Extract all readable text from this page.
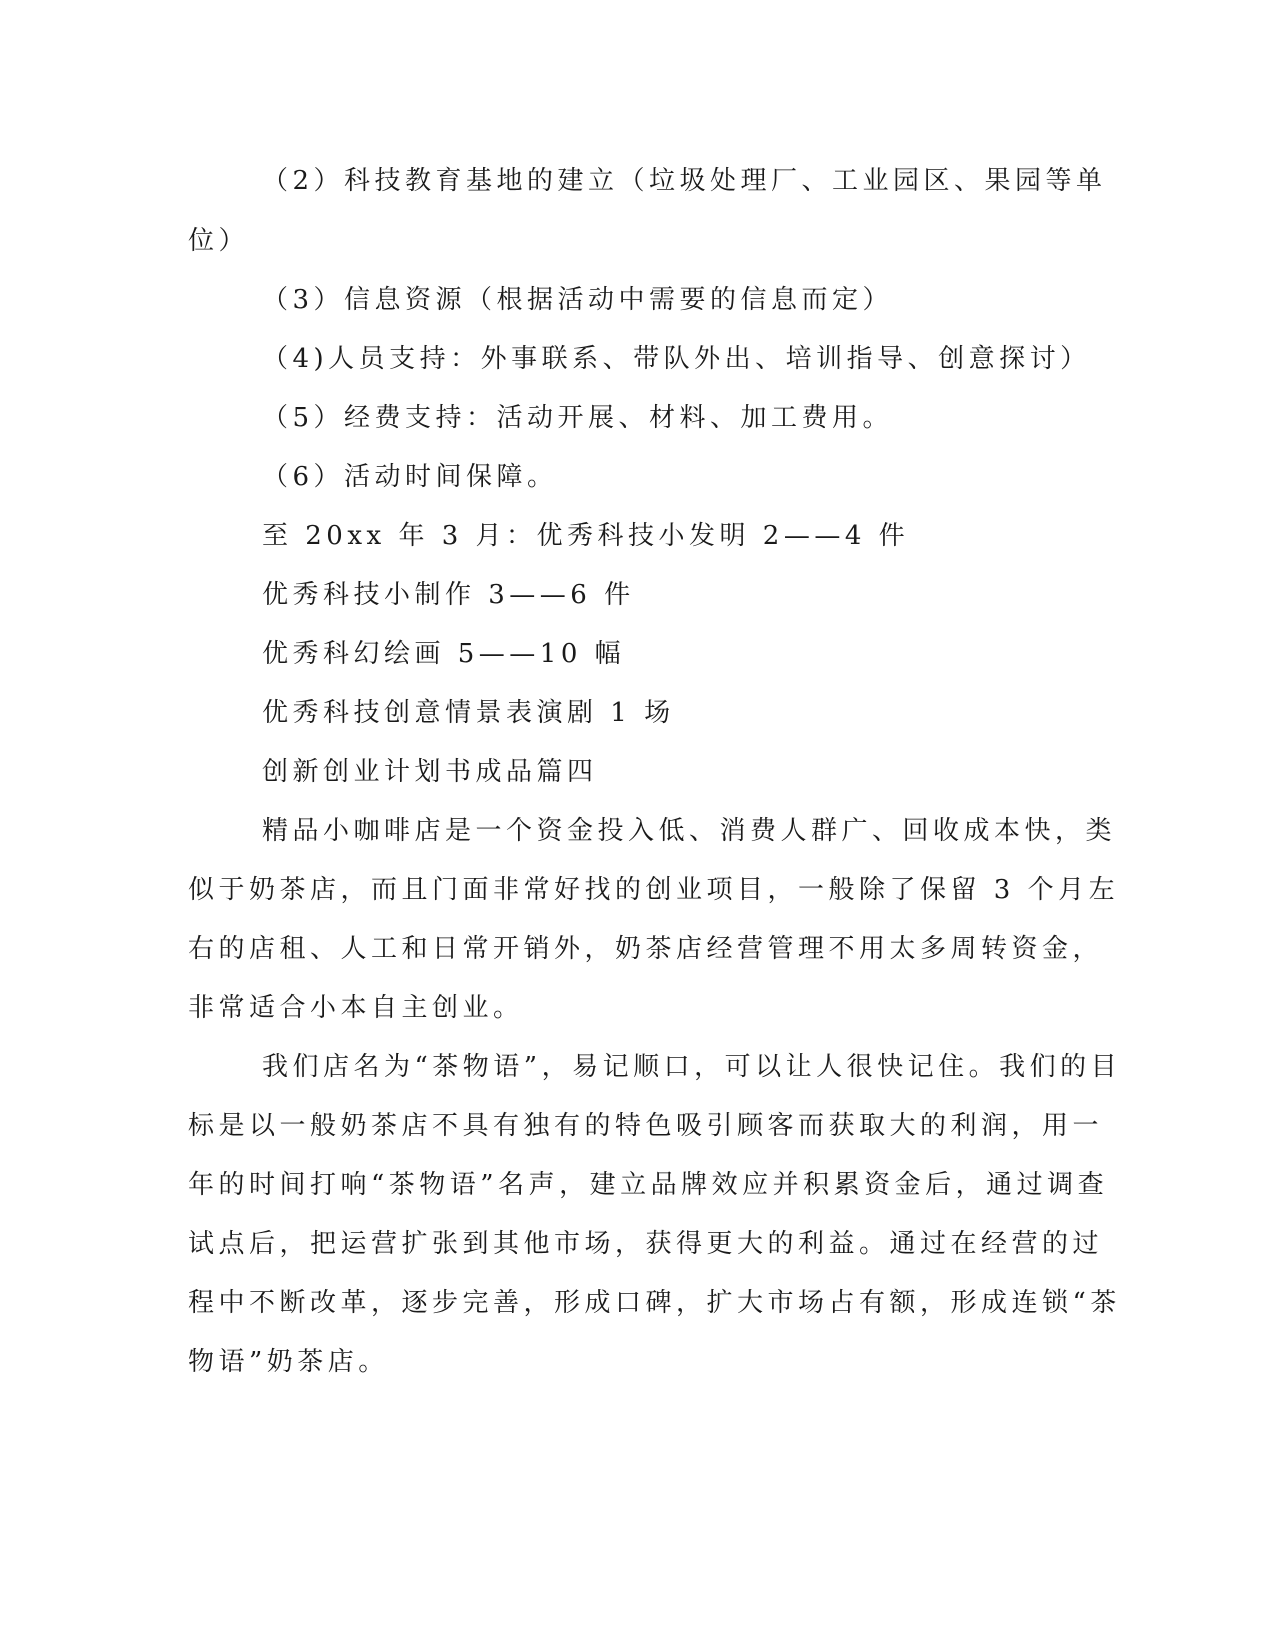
（2）科技教育基地的建立（垃圾处理厂、工业园区、果园等单
位）
（3）信息资源（根据活动中需要的信息而定）
（4)人员支持：外事联系、带队外出、培训指导、创意探讨）
（5）经费支持：活动开展、材料、加工费用。
（6）活动时间保障。
至 20xx 年 3 月：优秀科技小发明 2——4 件
优秀科技小制作 3——6 件
优秀科幻绘画 5——10 幅
优秀科技创意情景表演剧 1 场
创新创业计划书成品篇四
精品小咖啡店是一个资金投入低、消费人群广、回收成本快，类
似于奶茶店，而且门面非常好找的创业项目，一般除了保留 3 个月左
右的店租、人工和日常开销外，奶茶店经营管理不用太多周转资金，
非常适合小本自主创业。
我们店名为“茶物语”，易记顺口，可以让人很快记住。我们的目
标是以一般奶茶店不具有独有的特色吸引顾客而获取大的利润，用一
年的时间打响“茶物语”名声，建立品牌效应并积累资金后，通过调查
试点后，把运营扩张到其他市场，获得更大的利益。通过在经营的过
程中不断改革，逐步完善，形成口碑，扩大市场占有额，形成连锁“茶
物语”奶茶店。
